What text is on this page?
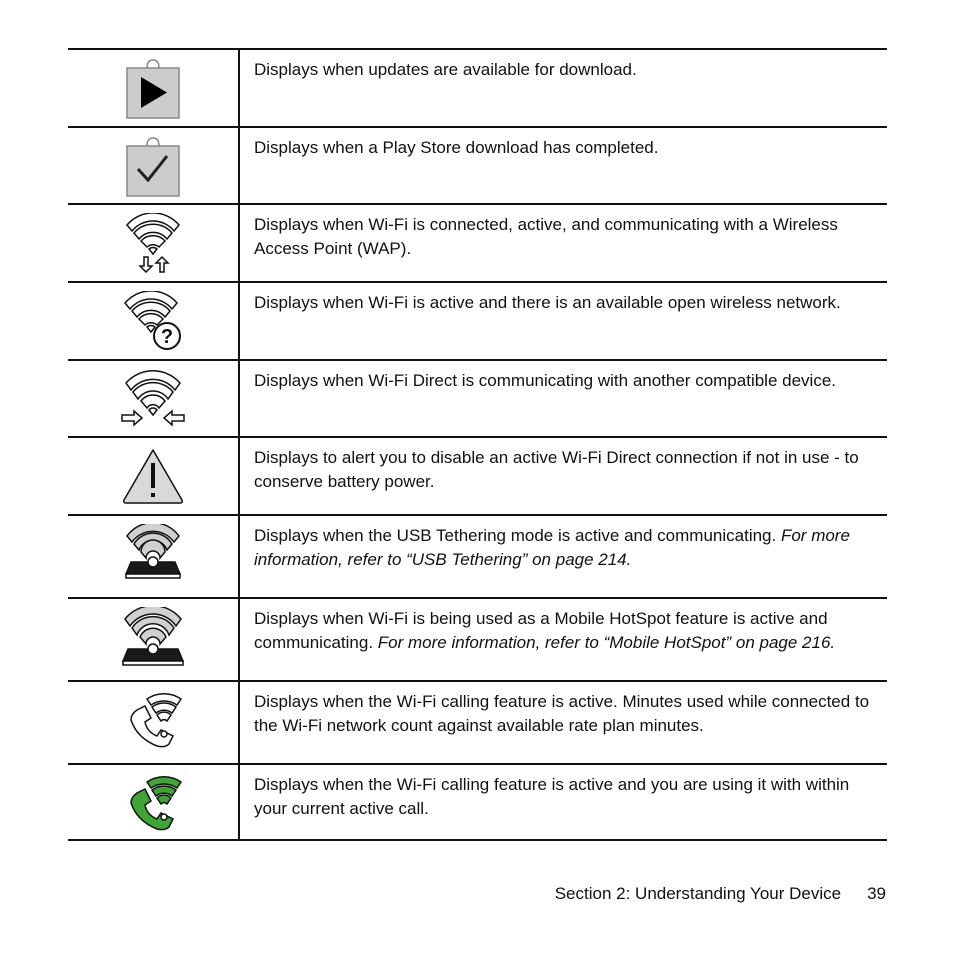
Displays when updates are available for download.
Displays when a Play Store download has completed.
Displays when Wi-Fi is connected, active, and communicating with a Wireless Access Point (WAP).
?
Displays when Wi-Fi is active and there is an available open wireless network.
Displays when Wi-Fi Direct is communicating with another compatible device.
Displays to alert you to disable an active Wi-Fi Direct connection if not in use - to conserve battery power.
Displays when the USB Tethering mode is active and communicating. For more information, refer to “USB Tethering” on page 214.
Displays when Wi-Fi is being used as a Mobile HotSpot feature is active and communicating. For more information, refer to “Mobile HotSpot” on page 216.
Displays when the Wi-Fi calling feature is active. Minutes used while connected to the Wi-Fi network count against available rate plan minutes.
Displays when the Wi-Fi calling feature is active and you are using it with within your current active call.
Section 2: Understanding Your Device 39
